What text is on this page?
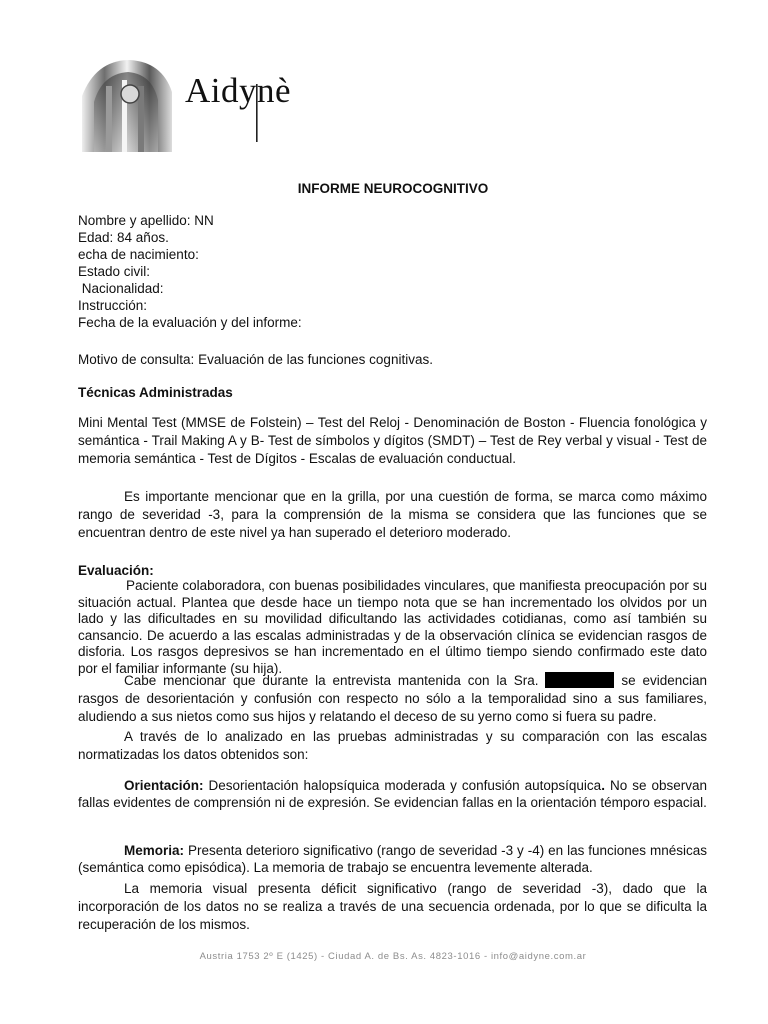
Aidynè
INFORME NEUROCOGNITIVO
Nombre y apellido: NN
Edad: 84 años.
echa de nacimiento:
Estado civil:
Nacionalidad:
Instrucción:
Fecha de la evaluación y del informe:
Motivo de consulta: Evaluación de las funciones cognitivas.
Técnicas Administradas
Mini Mental Test (MMSE de Folstein) – Test del Reloj - Denominación de Boston - Fluencia fonológica y semántica - Trail Making A y B- Test de símbolos y dígitos (SMDT) – Test de Rey verbal y visual - Test de memoria semántica - Test de Dígitos - Escalas de evaluación conductual.
Es importante mencionar que en la grilla, por una cuestión de forma, se marca como máximo rango de severidad -3, para la comprensión de la misma se considera que las funciones que se encuentran dentro de este nivel ya han superado el deterioro moderado.
Evaluación:
Paciente colaboradora, con buenas posibilidades vinculares, que manifiesta preocupación por su situación actual. Plantea que desde hace un tiempo nota que se han incrementado los olvidos por un lado y las dificultades en su movilidad dificultando las actividades cotidianas, como así también su cansancio. De acuerdo a las escalas administradas y de la observación clínica se evidencian rasgos de disforia. Los rasgos depresivos se han incrementado en el último tiempo siendo confirmado este dato por el familiar informante (su hija).
Cabe mencionar que durante la entrevista mantenida con la Sra.	se evidencian rasgos de desorientación y confusión con respecto no sólo a la temporalidad sino a sus familiares, aludiendo a sus nietos como sus hijos y relatando el deceso de su yerno como si fuera su padre.
A través de lo analizado en las pruebas administradas y su comparación con las escalas normatizadas los datos obtenidos son:
Orientación: Desorientación halopsíquica moderada y confusión autopsíquica. No se observan fallas evidentes de comprensión ni de expresión. Se evidencian fallas en la orientación témporo espacial.
Memoria: Presenta deterioro significativo (rango de severidad -3 y -4) en las funciones mnésicas (semántica como episódica). La memoria de trabajo se encuentra levemente alterada.
La memoria visual presenta déficit significativo (rango de severidad -3), dado que la incorporación de los datos no se realiza a través de una secuencia ordenada, por lo que se dificulta la recuperación de los mismos.
Austria 1753 2º E (1425) - Ciudad A. de Bs. As. 4823-1016 - info@aidyne.com.ar
